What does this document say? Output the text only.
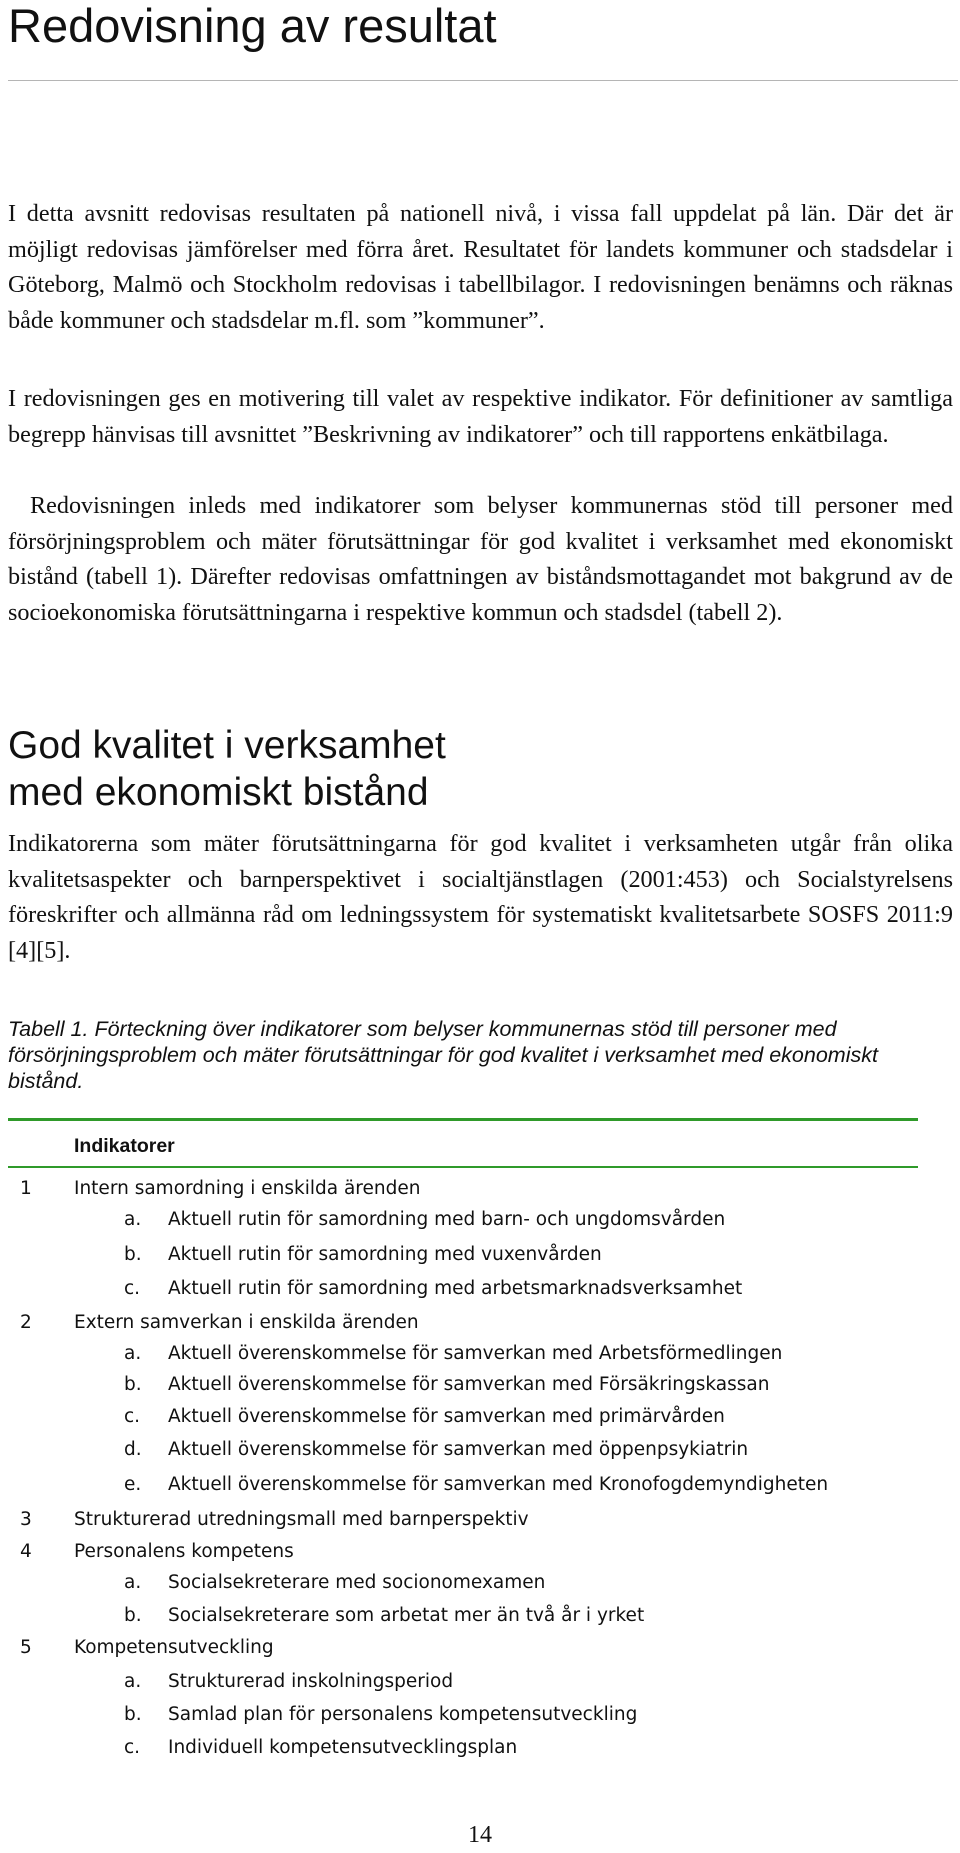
Redovisning av resultat

I detta avsnitt redovisas resultaten på nationell nivå, i vissa fall uppdelat på län. Där det är möjligt redovisas jämförelser med förra året. Resultatet för landets kommuner och stadsdelar i Göteborg, Malmö och Stockholm redovisas i tabellbilagor. I redovisningen benämns och räknas både kommuner och stadsdelar m.fl. som ”kommuner”.

I redovisningen ges en motivering till valet av respektive indikator. För definitioner av samtliga begrepp hänvisas till avsnittet ”Beskrivning av indikatorer” och till rapportens enkätbilaga.

Redovisningen inleds med indikatorer som belyser kommunernas stöd till personer med försörjningsproblem och mäter förutsättningar för god kvalitet i verksamhet med ekonomiskt bistånd (tabell 1). Därefter redovisas omfattningen av biståndsmottagandet mot bakgrund av de socioekonomiska förutsättningarna i respektive kommun och stadsdel (tabell 2).

God kvalitet i verksamhet
med ekonomiskt bistånd

Indikatorerna som mäter förutsättningarna för god kvalitet i verksamheten utgår från olika kvalitetsaspekter och barnperspektivet i socialtjänstlagen (2001:453) och Socialstyrelsens föreskrifter och allmänna råd om ledningssystem för systematiskt kvalitetsarbete SOSFS 2011:9 [4][5].

Tabell 1. Förteckning över indikatorer som belyser kommunernas stöd till personer med försörjningsproblem och mäter förutsättningar för god kvalitet i verksamhet med ekonomiskt bistånd.

Indikatorer
1	Intern samordning i enskilda ärenden
a.	Aktuell rutin för samordning med barn- och ungdomsvården
b.	Aktuell rutin för samordning med vuxenvården
c.	Aktuell rutin för samordning med arbetsmarknadsverksamhet
2	Extern samverkan i enskilda ärenden
a.	Aktuell överenskommelse för samverkan med Arbetsförmedlingen
b.	Aktuell överenskommelse för samverkan med Försäkringskassan
c.	Aktuell överenskommelse för samverkan med primärvården
d.	Aktuell överenskommelse för samverkan med öppenpsykiatrin
e.	Aktuell överenskommelse för samverkan med Kronofogdemyndigheten
3	Strukturerad utredningsmall med barnperspektiv
4	Personalens kompetens
a.	Socialsekreterare med socionomexamen
b.	Socialsekreterare som arbetat mer än två år i yrket
5	Kompetensutveckling
a.	Strukturerad inskolningsperiod
b.	Samlad plan för personalens kompetensutveckling
c.	Individuell kompetensutvecklingsplan
14
